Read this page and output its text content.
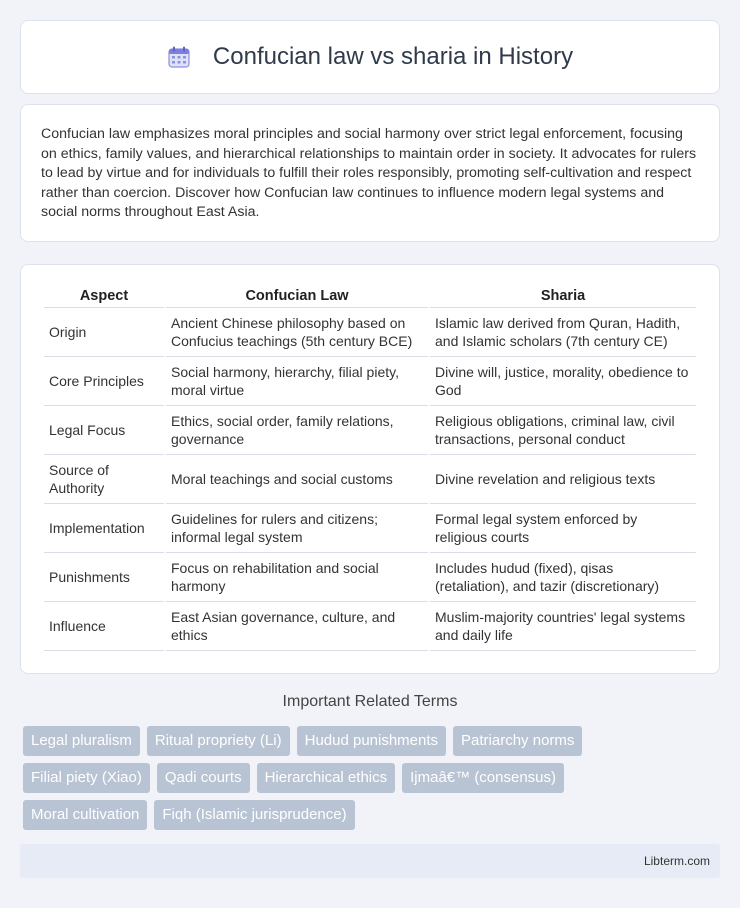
Confucian law vs sharia in History

Confucian law emphasizes moral principles and social harmony over strict legal enforcement, focusing on ethics, family values, and hierarchical relationships to maintain order in society. It advocates for rulers to lead by virtue and for individuals to fulfill their roles responsibly, promoting self-cultivation and respect rather than coercion. Discover how Confucian law continues to influence modern legal systems and social norms throughout East Asia.

Aspect	Confucian Law	Sharia
Origin	Ancient Chinese philosophy based on Confucius teachings (5th century BCE)	Islamic law derived from Quran, Hadith, and Islamic scholars (7th century CE)
Core Principles	Social harmony, hierarchy, filial piety, moral virtue	Divine will, justice, morality, obedience to God
Legal Focus	Ethics, social order, family relations, governance	Religious obligations, criminal law, civil transactions, personal conduct
Source of Authority	Moral teachings and social customs	Divine revelation and religious texts
Implementation	Guidelines for rulers and citizens; informal legal system	Formal legal system enforced by religious courts
Punishments	Focus on rehabilitation and social harmony	Includes hudud (fixed), qisas (retaliation), and tazir (discretionary)
Influence	East Asian governance, culture, and ethics	Muslim-majority countries' legal systems and daily life
Important Related Terms
Legal pluralism	Ritual propriety (Li)	Hudud punishments	Patriarchy norms
Filial piety (Xiao)	Qadi courts	Hierarchical ethics	Ijmaâ€™ (consensus)
Moral cultivation	Fiqh (Islamic jurisprudence)
Libterm.com
